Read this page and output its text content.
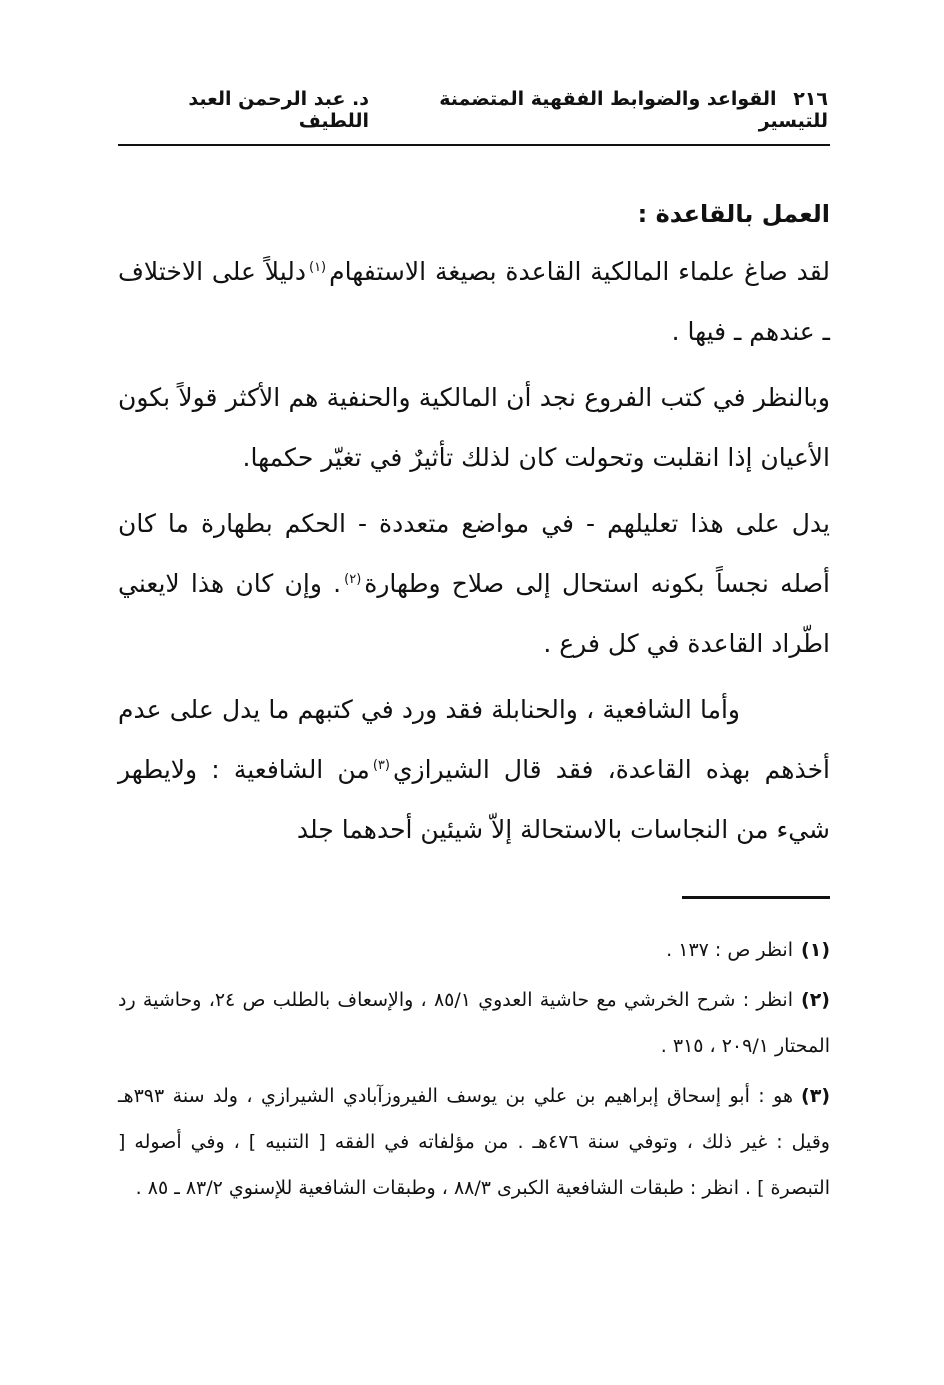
٢١٦ القواعد والضوابط الفقهية المتضمنة للتيسير
د. عبد الرحمن العبد اللطيف
العمل بالقاعدة :

لقد صاغ علماء المالكية القاعدة بصيغة الاستفهام$^{(١)}$دليلاً على الاختلاف ـ عندهم ـ فيها .

وبالنظر في كتب الفروع نجد أن المالكية والحنفية هم الأكثر قولاً بكون الأعيان إذا انقلبت وتحولت كان لذلك تأثيرٌ في تغيّر حكمها.

يدل على هذا تعليلهم - في مواضع متعددة - الحكم بطهارة ما كان أصله نجساً بكونه استحال إلى صلاح وطهارة$^{(٢)}$. وإن كان هذا لايعني اطّراد القاعدة في كل فرع .

وأما الشافعية ، والحنابلة فقد ورد في كتبهم ما يدل على عدم أخذهم بهذه القاعدة، فقد قال الشيرازي$^{(٣)}$من الشافعية : ولايطهر شيء من النجاسات بالاستحالة إلاّ شيئين أحدهما جلد

(١)انظر ص : ١٣٧ .

(٢)انظر : شرح الخرشي مع حاشية العدوي ٨٥/١ ، والإسعاف بالطلب ص ٢٤، وحاشية رد المحتار ٢٠٩/١ ، ٣١٥ .

(٣)هو : أبو إسحاق إبراهيم بن علي بن يوسف الفيروزآبادي الشيرازي ، ولد سنة ٣٩٣هـ وقيل : غير ذلك ، وتوفي سنة ٤٧٦هـ . من مؤلفاته في الفقه [ التنبيه ] ، وفي أصوله [ التبصرة ] . انظر : طبقات الشافعية الكبرى ٨٨/٣ ، وطبقات الشافعية للإسنوي ٨٣/٢ ـ ٨٥ .
